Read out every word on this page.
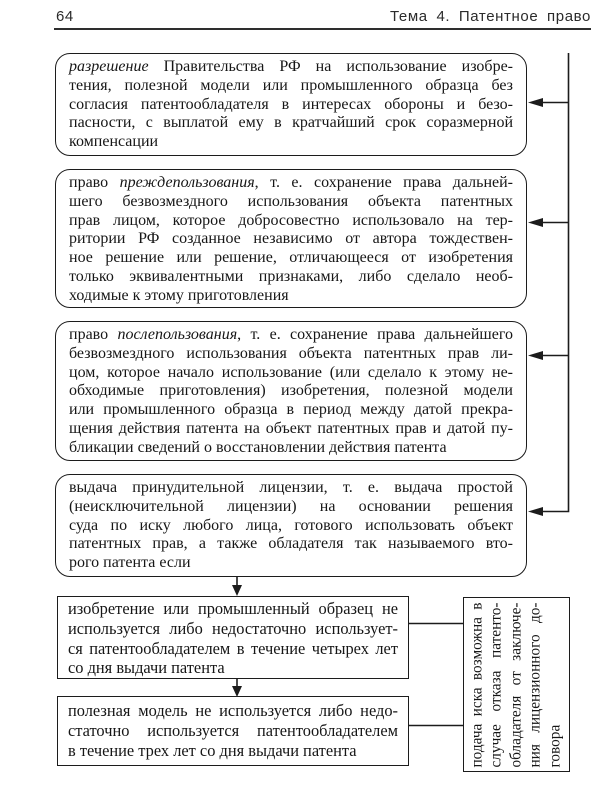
64	Тема 4. Патентное право
разрешение Правительства РФ на использование изобре-
тения, полезной модели или промышленного образца без
согласия патентообладателя в интересах обороны и безо-
пасности, с выплатой ему в кратчайший срок соразмерной
компенсации
право преждепользования, т. е. сохранение права дальней-
шего безвозмездного использования объекта патентных
прав лицом, которое добросовестно использовало на тер-
ритории РФ созданное независимо от автора тождествен-
ное решение или решение, отличающееся от изобретения
только эквивалентными признаками, либо сделало необ-
ходимые к этому приготовления
право послепользования, т. е. сохранение права дальнейшего
безвозмездного использования объекта патентных прав ли-
цом, которое начало использование (или сделало к этому не-
обходимые приготовления) изобретения, полезной модели
или промышленного образца в период между датой прекра-
щения действия патента на объект патентных прав и датой пу-
бликации сведений о восстановлении действия патента
выдача принудительной лицензии, т. е. выдача простой
(неисключительной лицензии) на основании решения
суда по иску любого лица, готового использовать объект
патентных прав, а также обладателя так называемого вто-
рого патента если
изобретение или промышленный образец не
используется либо недостаточно использует-
ся патентообладателем в течение четырех лет
со дня выдачи патента
полезная модель не используется либо недо-
статочно используется патентообладателем
в течение трех лет со дня выдачи патента	подача иска возможна в случае отказа патенто- обладателя от заключе- ния лицензионного до- говора
